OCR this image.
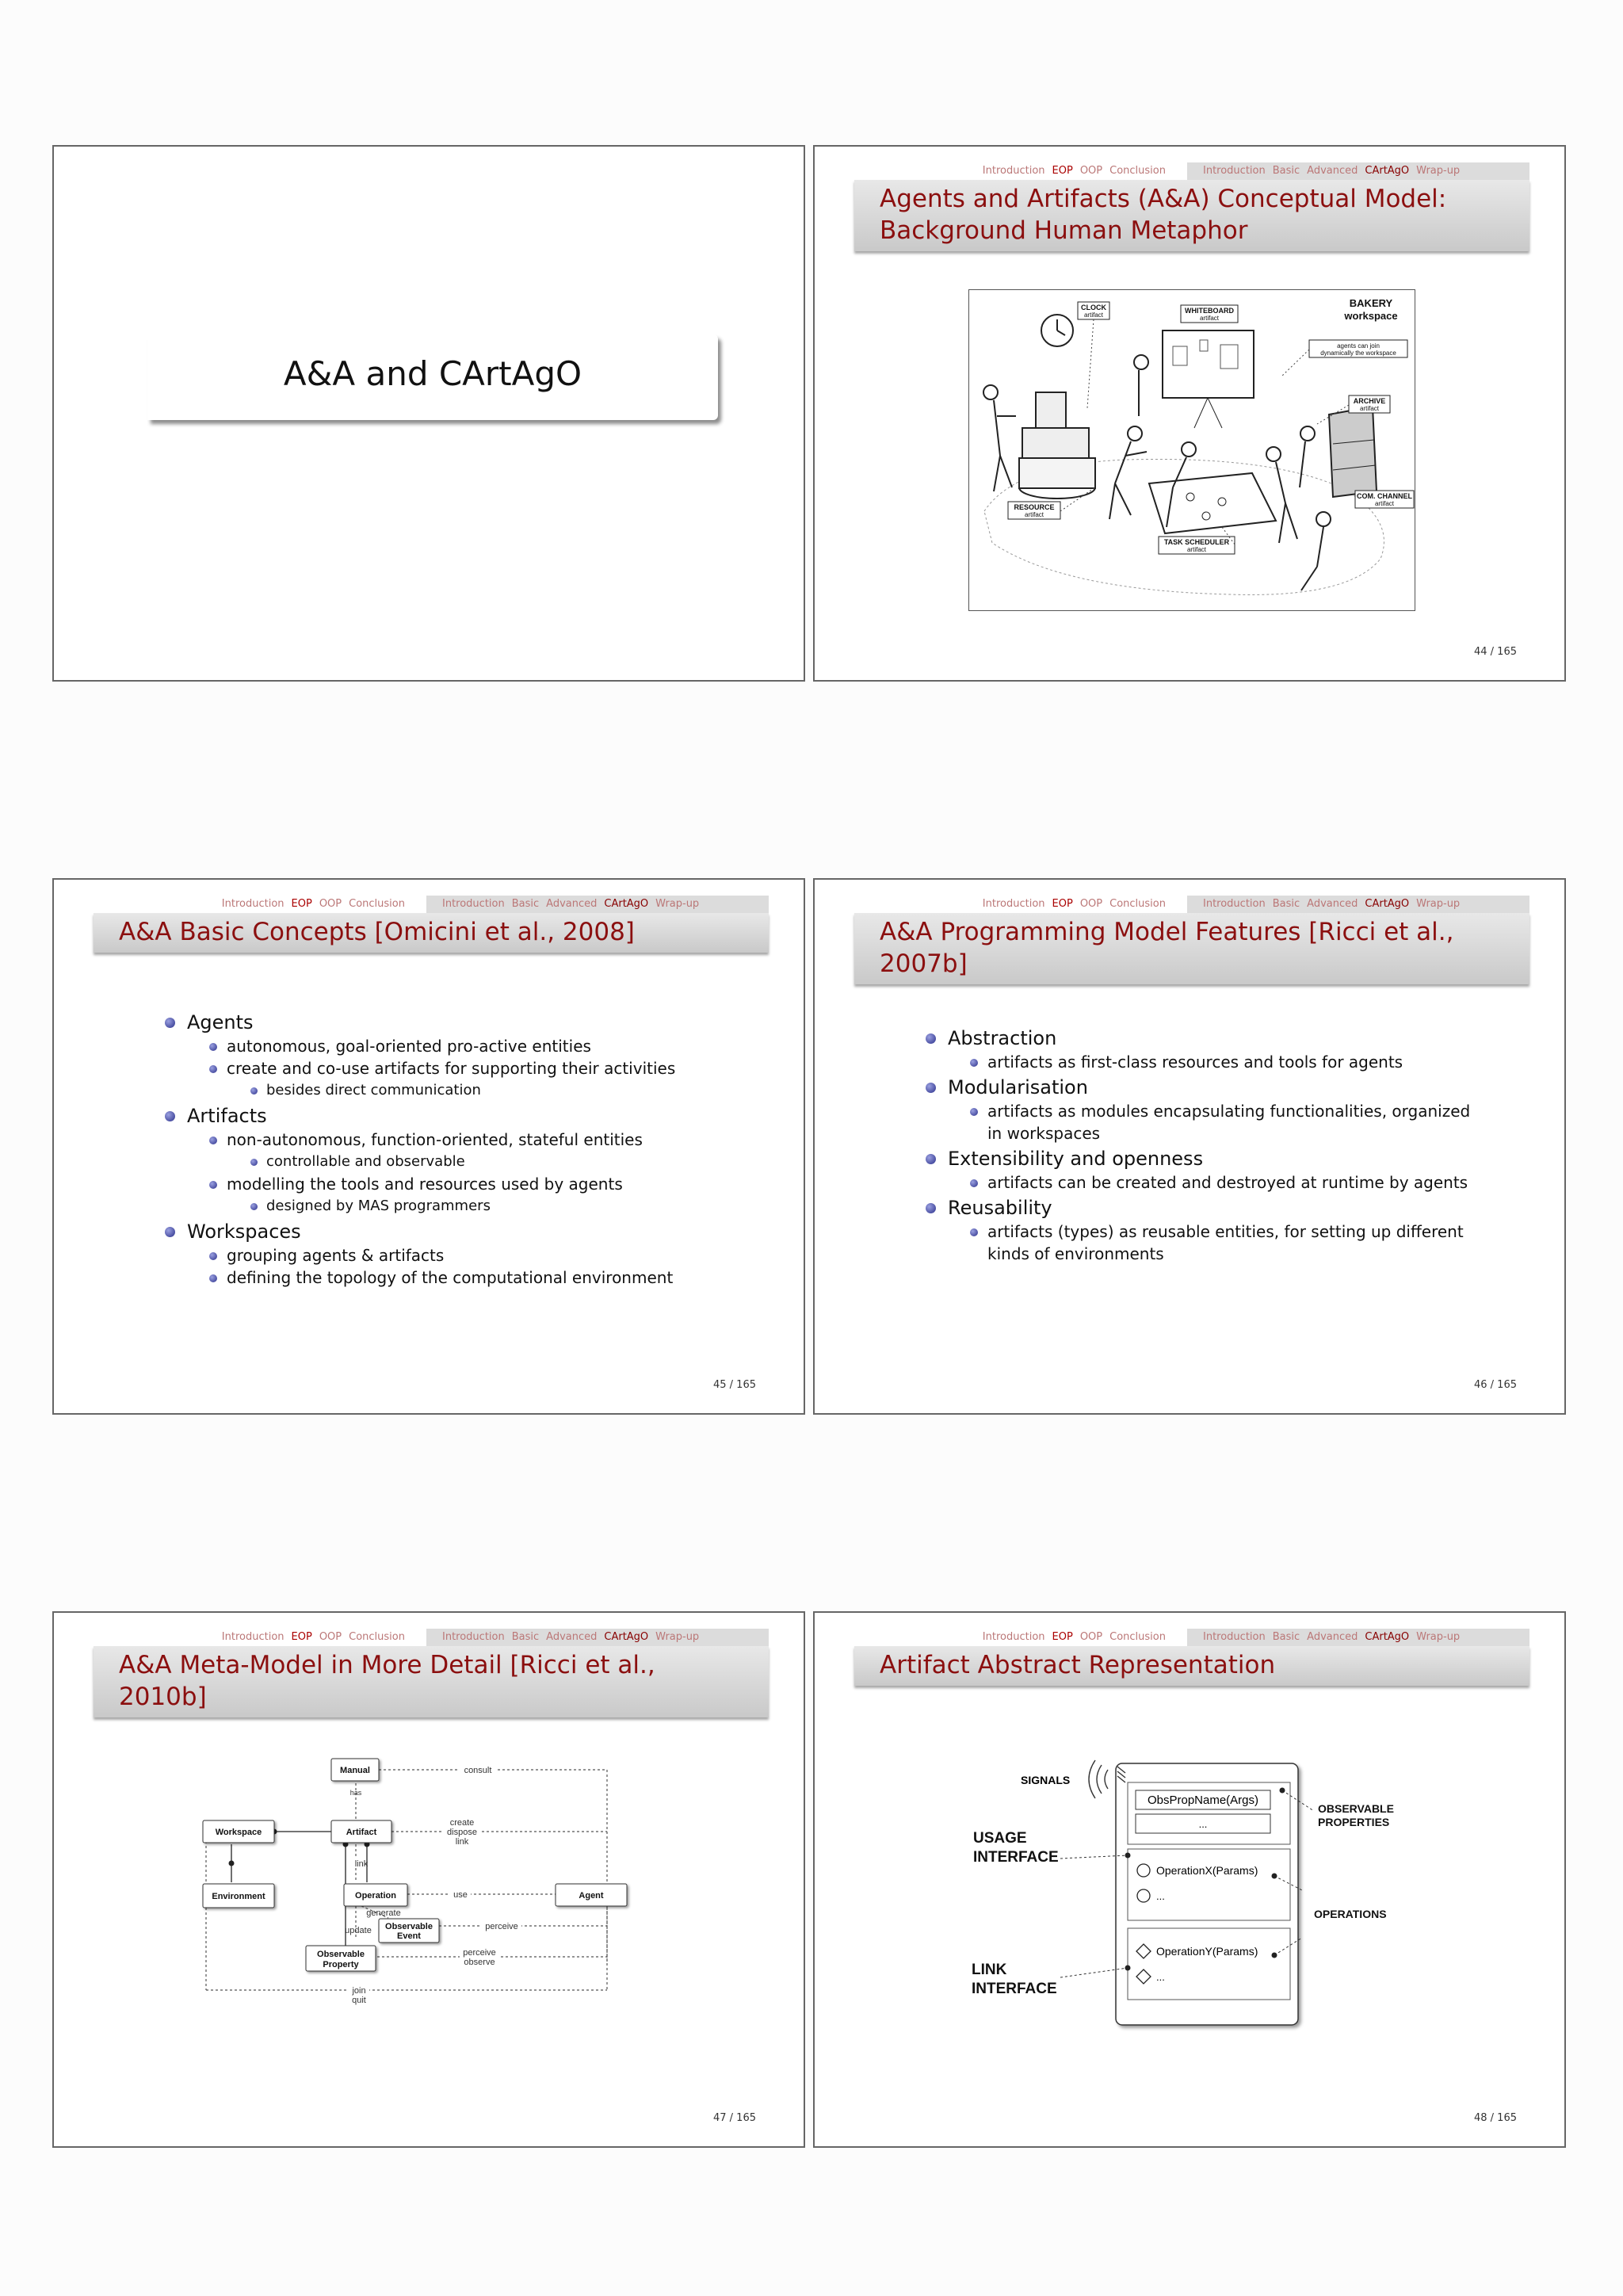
A&A and CArtAgO
Introduction EOP OOP Conclusion	Introduction Basic Advanced CArtAgO Wrap-up
Agents and Artifacts (A&A) Conceptual Model:
Background Human Metaphor
CLOCK
artifact
WHITEBOARD
artifact
BAKERY
workspace
agents can join
dynamically the workspace
ARCHIVE
artifact
COM. CHANNEL
artifact
RESOURCE
artifact
TASK SCHEDULER
artifact
44 / 165
Introduction EOP OOP Conclusion	Introduction Basic Advanced CArtAgO Wrap-up
A&A Basic Concepts [Omicini et al., 2008]
Agents
autonomous, goal-oriented pro-active entities
create and co-use artifacts for supporting their activities
besides direct communication
Artifacts
non-autonomous, function-oriented, stateful entities
controllable and observable
modelling the tools and resources used by agents
designed by MAS programmers
Workspaces
grouping agents & artifacts
defining the topology of the computational environment
45 / 165
Introduction EOP OOP Conclusion	Introduction Basic Advanced CArtAgO Wrap-up
A&A Programming Model Features [Ricci et al., 2007b]
Abstraction
artifacts as first-class resources and tools for agents
Modularisation
artifacts as modules encapsulating functionalities, organized in workspaces
Extensibility and openness
artifacts can be created and destroyed at runtime by agents
Reusability
artifacts (types) as reusable entities, for setting up different kinds of environments
46 / 165
Introduction EOP OOP Conclusion	Introduction Basic Advanced CArtAgO Wrap-up
A&A Meta-Model in More Detail [Ricci et al., 2010b]
Manual
Workspace	Artifact
Environment	Operation	Agent
Observable
Event
Observable
Property
consult
has
create
dispose
link
link
use
generate
update	perceive
perceive
observe
join
quit
47 / 165
Introduction EOP OOP Conclusion	Introduction Basic Advanced CArtAgO Wrap-up
Artifact Abstract Representation
ObsPropName(Args)
...
OperationX(Params)
...
OperationY(Params)
...
SIGNALS
OBSERVABLE
PROPERTIES
USAGE
INTERFACE
OPERATIONS
LINK
INTERFACE
48 / 165
